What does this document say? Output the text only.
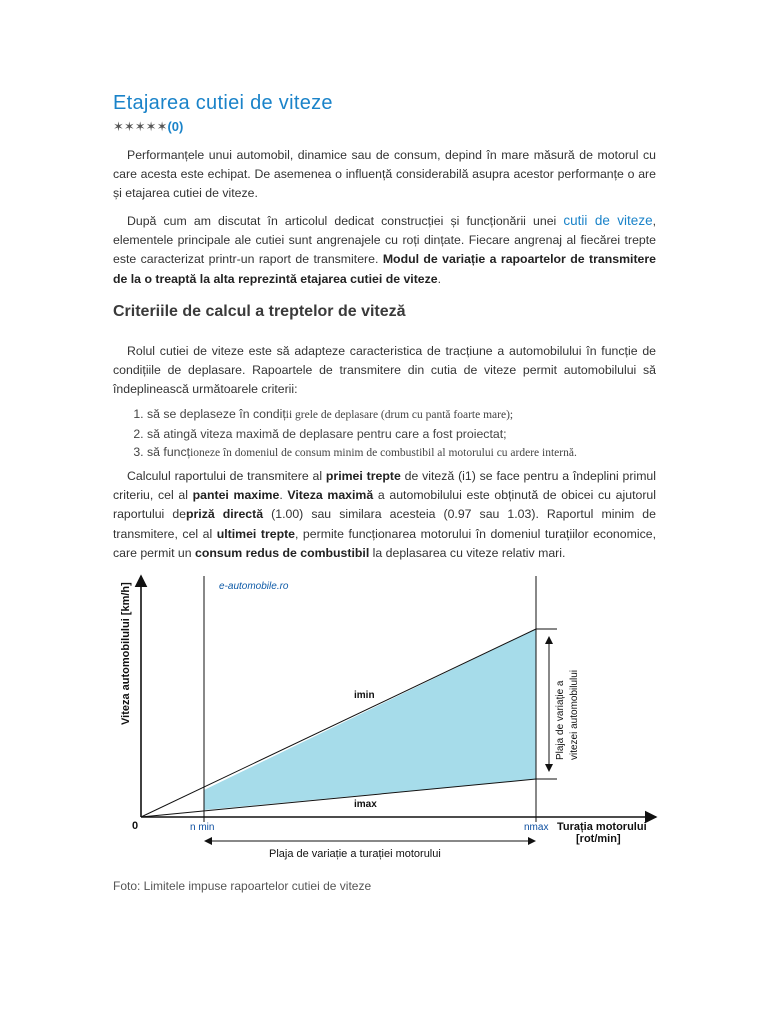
Etajarea cutiei de viteze
✶✶✶✶✶(0)

Performanțele unui automobil, dinamice sau de consum, depind în mare măsură de motorul cu care acesta este echipat. De asemenea o influență considerabilă asupra acestor performanțe o are și etajarea cutiei de viteze.

După cum am discutat în articolul dedicat construcției și funcționării unei cutii de viteze, elementele principale ale cutiei sunt angrenajele cu roți dințate. Fiecare angrenaj al fiecărei trepte este caracterizat printr-un raport de transmitere. Modul de variație a rapoartelor de transmitere de la o treaptă la alta reprezintă etajarea cutiei de viteze.

Criteriile de calcul a treptelor de viteză

Rolul cutiei de viteze este să adapteze caracteristica de tracțiune a automobilului în funcție de condițiile de deplasare. Rapoartele de transmitere din cutia de viteze permit automobilului să îndeplinească următoarele criterii:

1. să se deplaseze în condiții grele de deplasare (drum cu pantă foarte mare);
2. să atingă viteza maximă de deplasare pentru care a fost proiectat;
3. să funcționeze în domeniul de consum minim de combustibil al motorului cu ardere internă.

Calculul raportului de transmitere al primei trepte de viteză (i1) se face pentru a îndeplini primul criteriu, cel al pantei maxime. Viteza maximă a automobilului este obținută de obicei cu ajutorul raportului depriză directă (1.00) sau similara acesteia (0.97 sau 1.03). Raportul minim de transmitere, cel al ultimei trepte, permite funcționarea motorului în domeniul turațiilor economice, care permit un consum redus de combustibil la deplasarea cu viteze relativ mari.

Foto: Limitele impuse rapoartelor cutiei de viteze
e-automobile.ro
Viteza automobilului [km/h]
0	n min	nmax Turația motorului
[rot/min]
imin
imax
Plaja de variație a vitezei automobilului
Plaja de variație a turației motorului
